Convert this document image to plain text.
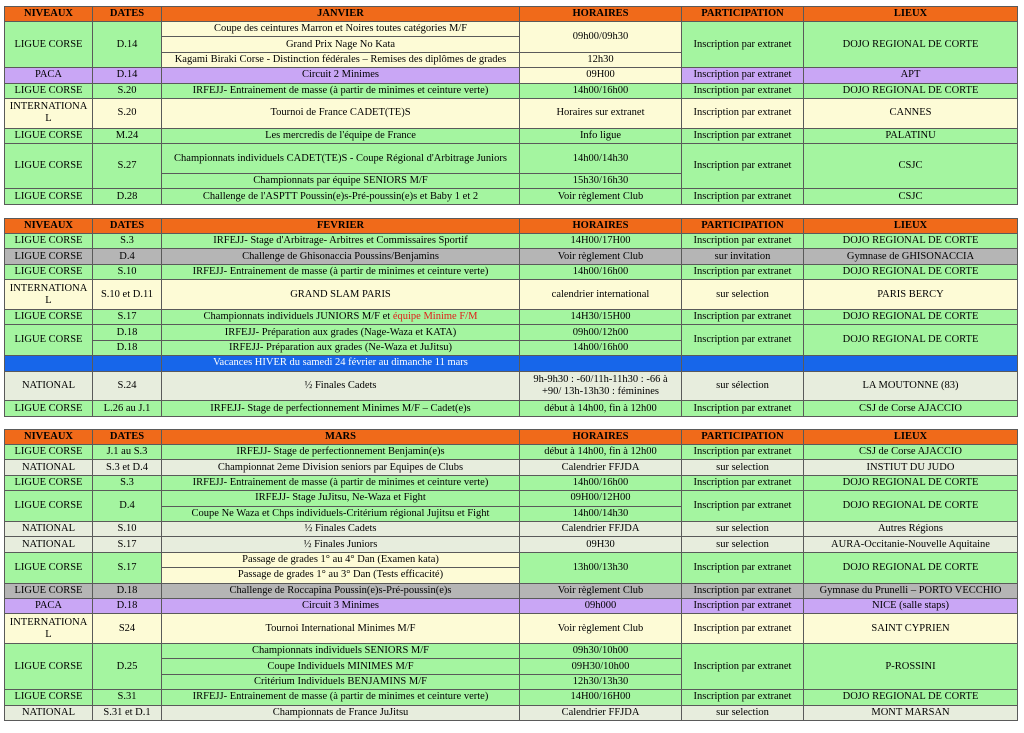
NIVEAUX	DATES	JANVIER	HORAIRES	PARTICIPATION	LIEUX
LIGUE CORSE	D.14	Coupe des ceintures Marron et Noires toutes catégories M/F	09h00/09h30	Inscription par extranet	DOJO REGIONAL DE CORTE
		Grand Prix Nage No Kata			
		Kagami Biraki Corse - Distinction fédérales – Remises des diplômes de grades	12h30		
PACA	D.14	Circuit 2 Minimes	09H00	Inscription par extranet	APT
LIGUE CORSE	S.20	IRFEJJ- Entrainement de masse (à partir de minimes et ceinture verte)	14h00/16h00	Inscription par extranet	DOJO REGIONAL DE CORTE
INTERNATIONAL	S.20	Tournoi de France CADET(TE)S	Horaires sur extranet	Inscription par extranet	CANNES
LIGUE CORSE	M.24	Les mercredis de l'équipe de France	Info ligue	Inscription par extranet	PALATINU
LIGUE CORSE	S.27	Championnats individuels CADET(TE)S - Coupe Régional d'Arbitrage Juniors	14h00/14h30	Inscription par extranet	CSJC
		Championnats par équipe SENIORS M/F	15h30/16h30		
LIGUE CORSE	D.28	Challenge de l'ASPTT Poussin(e)s-Pré-poussin(e)s et Baby 1 et 2	Voir règlement Club	Inscription par extranet	CSJC
NIVEAUX	DATES	FEVRIER	HORAIRES	PARTICIPATION	LIEUX
LIGUE CORSE	S.3	IRFEJJ- Stage d'Arbitrage- Arbitres et Commissaires Sportif	14H00/17H00	Inscription par extranet	DOJO REGIONAL DE CORTE
LIGUE CORSE	D.4	Challenge de Ghisonaccia Poussins/Benjamins	Voir règlement Club	sur invitation	Gymnase de GHISONACCIA
LIGUE CORSE	S.10	IRFEJJ- Entrainement de masse (à partir de minimes et ceinture verte)	14h00/16h00	Inscription par extranet	DOJO REGIONAL DE CORTE
INTERNATIONAL	S.10 et D.11	GRAND SLAM PARIS	calendrier international	sur selection	PARIS BERCY
LIGUE CORSE	S.17	Championnats individuels JUNIORS M/F et équipe Minime F/M	14H30/15H00	Inscription par extranet	DOJO REGIONAL DE CORTE
LIGUE CORSE	D.18	IRFEJJ- Préparation aux grades (Nage-Waza et KATA)	09h00/12h00	Inscription par extranet	DOJO REGIONAL DE CORTE
	D.18	IRFEJJ- Préparation aux grades (Ne-Waza et JuJitsu)	14h00/16h00		
		Vacances HIVER du samedi 24 février au dimanche 11 mars			
NATIONAL	S.24	½ Finales Cadets	9h-9h30 : -60/11h-11h30 : -66 à
+90/ 13h-13h30 : féminines	sur sélection	LA MOUTONNE (83)
LIGUE CORSE	L.26 au J.1	IRFEJJ- Stage de perfectionnement Minimes M/F – Cadet(e)s	début à 14h00, fin à 12h00	Inscription par extranet	CSJ de Corse AJACCIO
NIVEAUX	DATES	MARS	HORAIRES	PARTICIPATION	LIEUX
LIGUE CORSE	J.1 au S.3	IRFEJJ- Stage de perfectionnement Benjamin(e)s	début à 14h00, fin à 12h00	Inscription par extranet	CSJ de Corse AJACCIO
NATIONAL	S.3 et D.4	Championnat 2eme Division seniors par Equipes de Clubs	Calendrier FFJDA	sur selection	INSTIUT DU JUDO
LIGUE CORSE	S.3	IRFEJJ- Entrainement de masse (à partir de minimes et ceinture verte)	14h00/16h00	Inscription par extranet	DOJO REGIONAL DE CORTE
LIGUE CORSE	D.4	IRFEJJ- Stage JuJitsu, Ne-Waza et Fight	09H00/12H00	Inscription par extranet	DOJO REGIONAL DE CORTE
		Coupe Ne Waza et Chps individuels-Critérium régional Jujitsu et Fight	14h00/14h30		
NATIONAL	S.10	½ Finales Cadets	Calendrier FFJDA	sur selection	Autres Régions
NATIONAL	S.17	½ Finales Juniors	09H30	sur selection	AURA-Occitanie-Nouvelle Aquitaine
LIGUE CORSE	S.17	Passage de grades 1° au 4° Dan (Examen kata)	13h00/13h30	Inscription par extranet	DOJO REGIONAL DE CORTE
		Passage de grades 1° au 3° Dan (Tests efficacité)			
LIGUE CORSE	D.18	Challenge de Roccapina Poussin(e)s-Pré-poussin(e)s	Voir règlement Club	Inscription par extranet	Gymnase du Prunelli – PORTO VECCHIO
PACA	D.18	Circuit 3 Minimes	09h000	Inscription par extranet	NICE (salle staps)
INTERNATIONAL	S24	Tournoi International Minimes M/F	Voir règlement Club	Inscription par extranet	SAINT CYPRIEN
LIGUE CORSE	D.25	Championnats individuels SENIORS M/F	09h30/10h00	Inscription par extranet	P-ROSSINI
		Coupe Individuels MINIMES M/F	09H30/10h00		
		Critérium Individuels BENJAMINS M/F	12h30/13h30		
LIGUE CORSE	S.31	IRFEJJ- Entrainement de masse (à partir de minimes et ceinture verte)	14H00/16H00	Inscription par extranet	DOJO REGIONAL DE CORTE
NATIONAL	S.31 et D.1	Championnats de France JuJitsu	Calendrier FFJDA	sur selection	MONT MARSAN
